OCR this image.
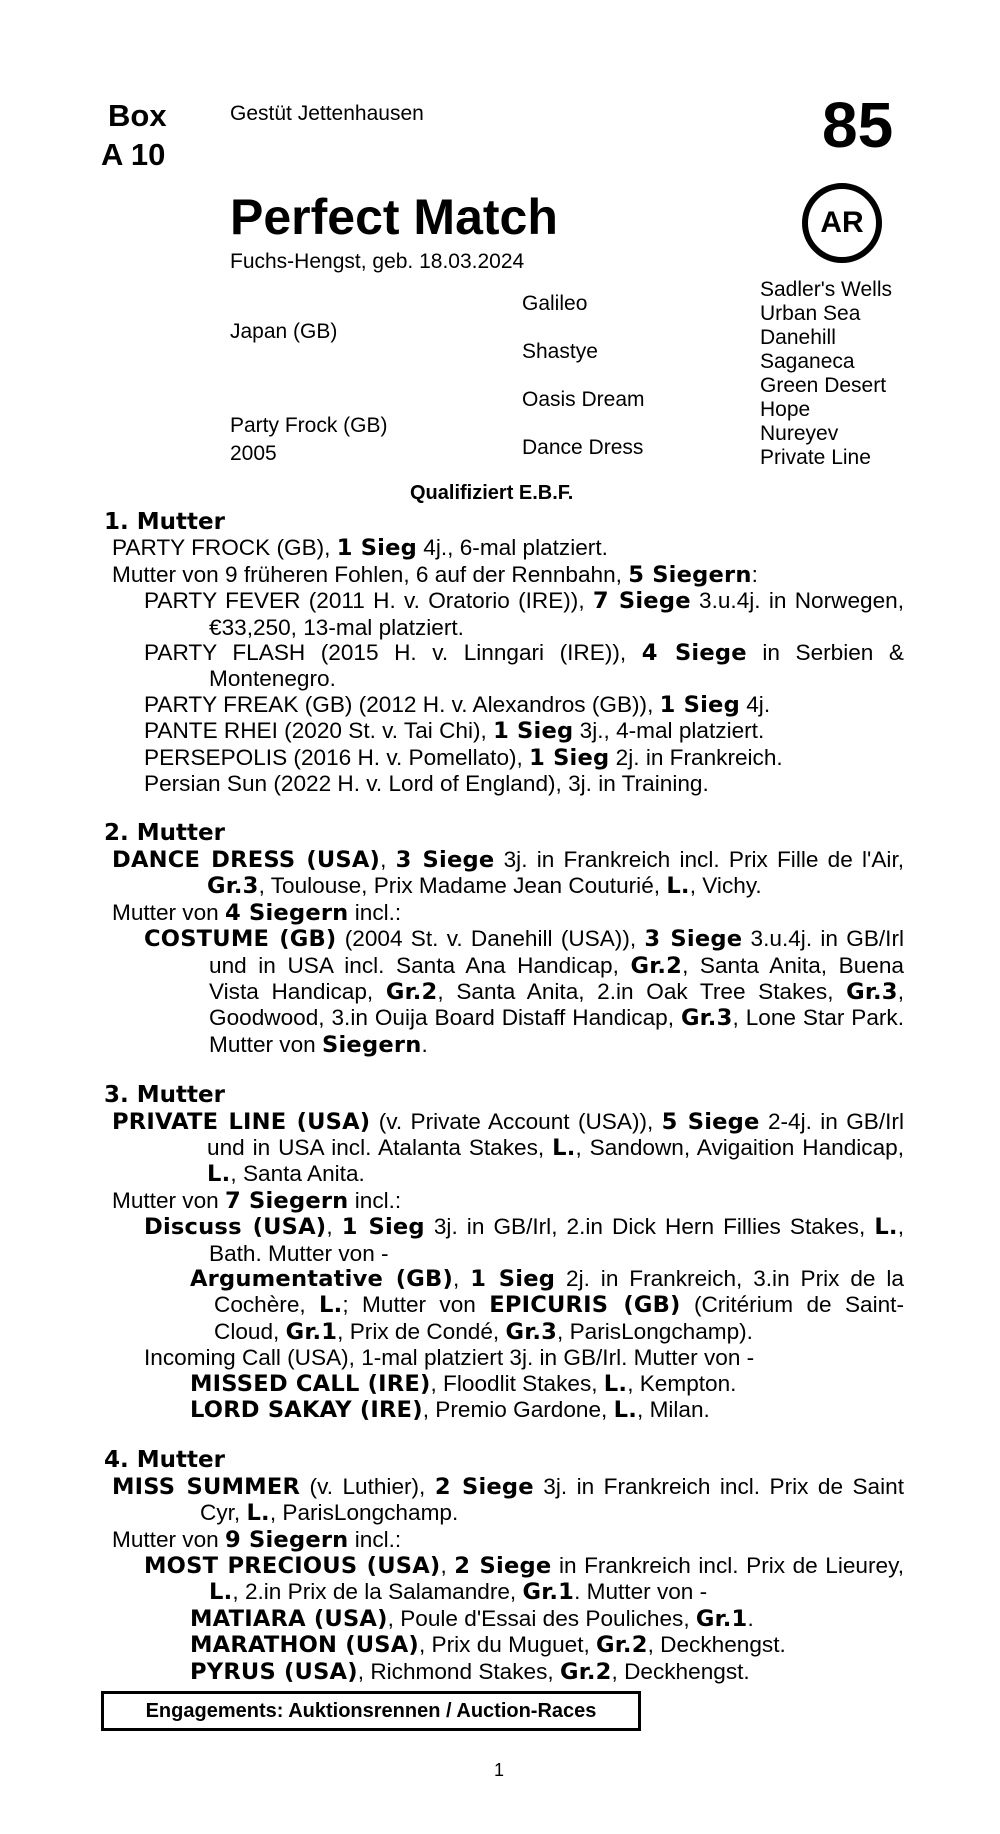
Box
A 10
Gestüt Jettenhausen	85
AR
Perfect Match
Fuchs-Hengst, geb. 18.03.2024
Japan (GB)
Party Frock (GB)
2005
Galileo
Shastye
Oasis Dream
Dance Dress
Sadler's Wells
Urban Sea
Danehill
Saganeca
Green Desert
Hope
Nureyev
Private Line
Qualifiziert E.B.F.
1. Mutter
PARTY FROCK (GB), 1 Sieg 4j., 6-mal platziert.
Mutter von 9 früheren Fohlen, 6 auf der Rennbahn, 5 Siegern:
PARTY FEVER (2011 H. v. Oratorio (IRE)), 7 Siege 3.u.4j. in Norwegen, €33,250, 13-mal platziert.
PARTY FLASH (2015 H. v. Linngari (IRE)), 4 Siege in Serbien & Montenegro.
PARTY FREAK (GB) (2012 H. v. Alexandros (GB)), 1 Sieg 4j.
PANTE RHEI (2020 St. v. Tai Chi), 1 Sieg 3j., 4-mal platziert.
PERSEPOLIS (2016 H. v. Pomellato), 1 Sieg 2j. in Frankreich.
Persian Sun (2022 H. v. Lord of England), 3j. in Training.
2. Mutter
DANCE DRESS (USA), 3 Siege 3j. in Frankreich incl. Prix Fille de l'Air, Gr.3, Toulouse, Prix Madame Jean Couturié, L., Vichy.
Mutter von 4 Siegern incl.:
COSTUME (GB) (2004 St. v. Danehill (USA)), 3 Siege 3.u.4j. in GB/Irl und in USA incl. Santa Ana Handicap, Gr.2, Santa Anita, Buena Vista Handicap, Gr.2, Santa Anita, 2.in Oak Tree Stakes, Gr.3, Goodwood, 3.in Ouija Board Distaff Handicap, Gr.3, Lone Star Park. Mutter von Siegern.
3. Mutter
PRIVATE LINE (USA) (v. Private Account (USA)), 5 Siege 2-4j. in GB/Irl und in USA incl. Atalanta Stakes, L., Sandown, Avigaition Handicap, L., Santa Anita.
Mutter von 7 Siegern incl.:
Discuss (USA), 1 Sieg 3j. in GB/Irl, 2.in Dick Hern Fillies Stakes, L., Bath. Mutter von -
Argumentative (GB), 1 Sieg 2j. in Frankreich, 3.in Prix de la Cochère, L.; Mutter von EPICURIS (GB) (Critérium de Saint-Cloud, Gr.1, Prix de Condé, Gr.3, ParisLongchamp).
Incoming Call (USA), 1-mal platziert 3j. in GB/Irl. Mutter von -
MISSED CALL (IRE), Floodlit Stakes, L., Kempton.
LORD SAKAY (IRE), Premio Gardone, L., Milan.
4. Mutter
MISS SUMMER (v. Luthier), 2 Siege 3j. in Frankreich incl. Prix de Saint Cyr, L., ParisLongchamp.
Mutter von 9 Siegern incl.:
MOST PRECIOUS (USA), 2 Siege in Frankreich incl. Prix de Lieurey, L., 2.in Prix de la Salamandre, Gr.1. Mutter von -
MATIARA (USA), Poule d'Essai des Pouliches, Gr.1.
MARATHON (USA), Prix du Muguet, Gr.2, Deckhengst.
PYRUS (USA), Richmond Stakes, Gr.2, Deckhengst.
Engagements: Auktionsrennen / Auction-Races
1
